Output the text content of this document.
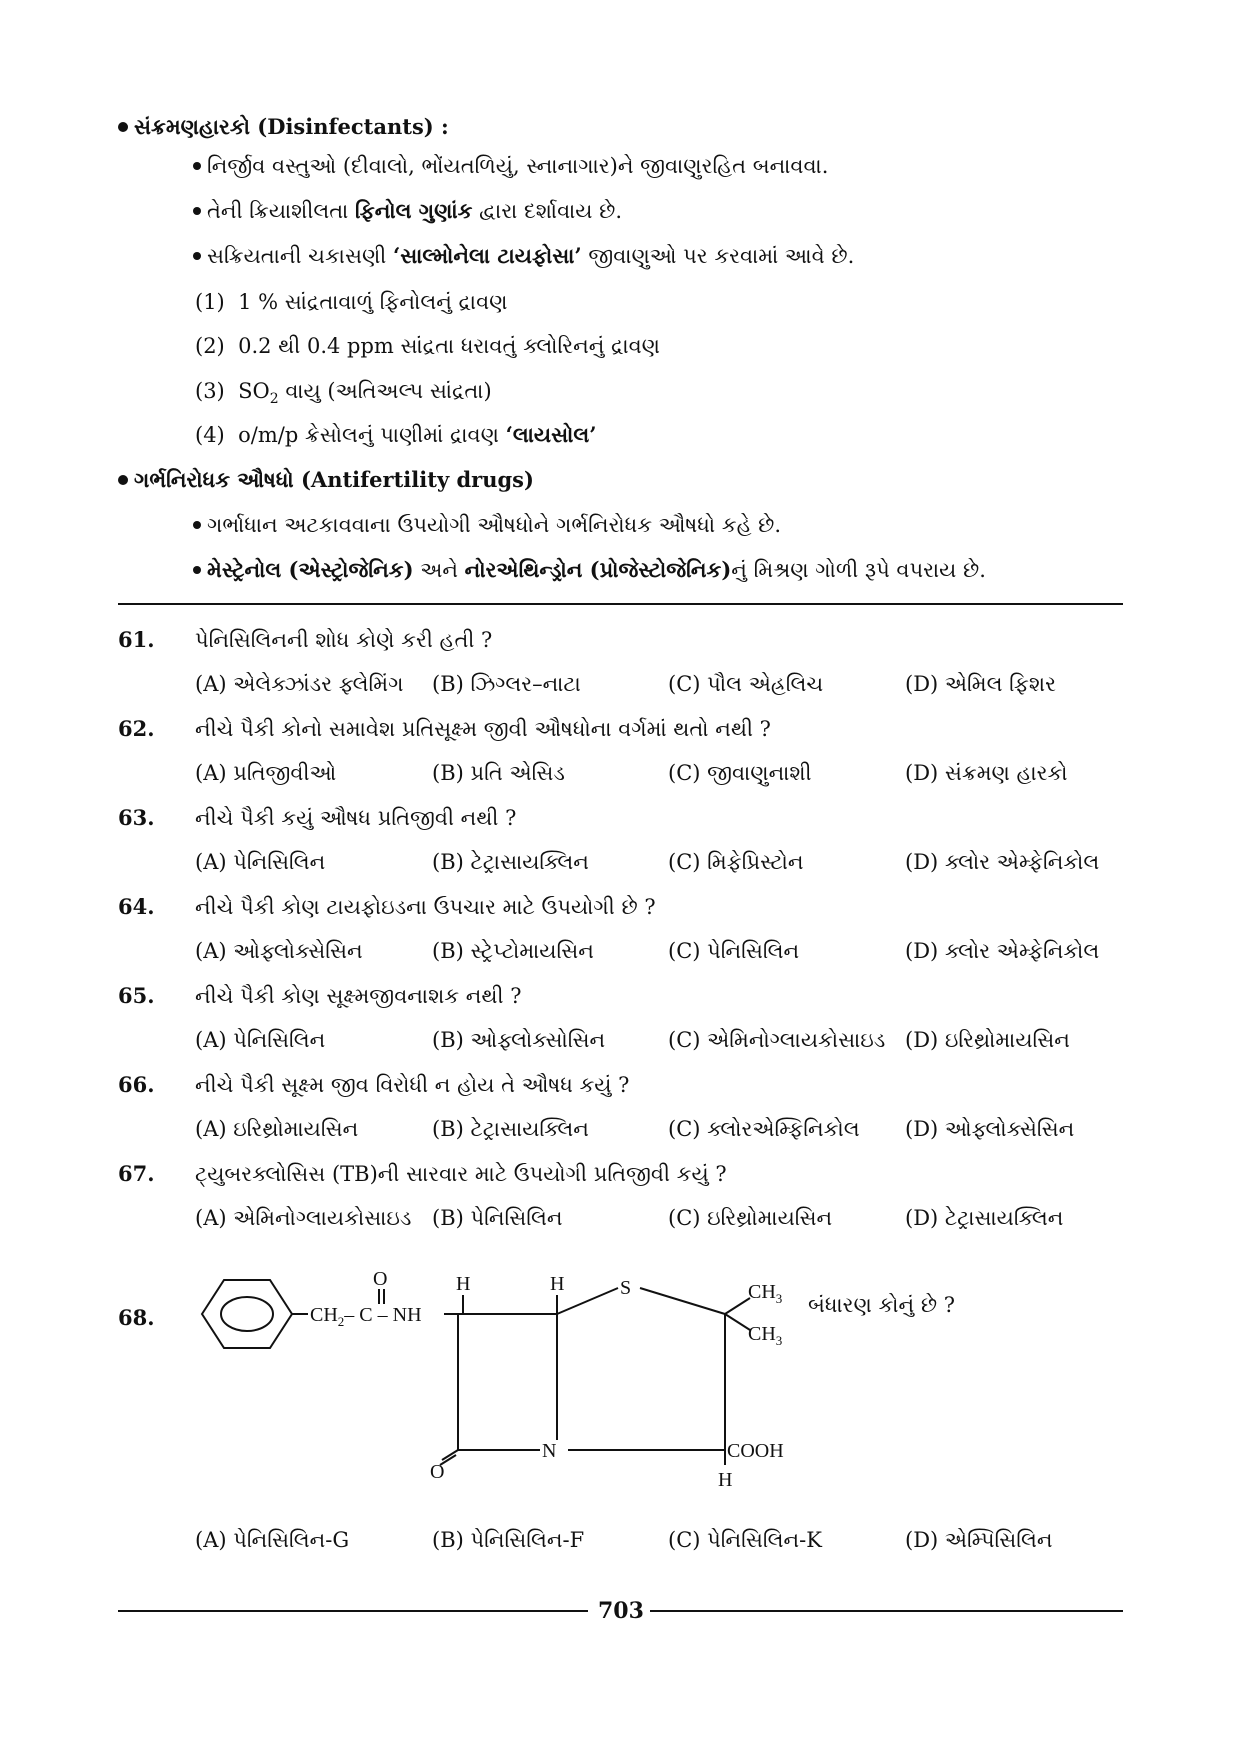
સંક્રમણહારકો (Disinfectants) :
નિર્જીવ વસ્તુઓ (દીવાલો, ભોંયતળિયું, સ્નાનાગાર)ને જીવાણુરહિત બનાવવા.
તેની ક્રિયાશીલતા ફિનોલ ગુણાંક દ્વારા દર્શાવાય છે.
સક્રિયતાની ચકાસણી ‘સાલ્મોનેલા ટાયફોસા’ જીવાણુઓ પર કરવામાં આવે છે.
(1) 1 % સાંદ્રતાવાળું ફિનોલનું દ્રાવણ
(2) 0.2 થી 0.4 ppm સાંદ્રતા ધરાવતું ક્લોરિનનું દ્રાવણ
(3) $SO_2$ વાયુ (અતિઅલ્પ સાંદ્રતા)
(4) o/m/p ક્રેસોલનું પાણીમાં દ્રાવણ ‘લાયસોલ’
ગર્ભનિરોધક ઔષધો (Antifertility drugs)
ગર્ભાધાન અટકાવવાના ઉપયોગી ઔષધોને ગર્ભનિરોધક ઔષધો કહે છે.
મેસ્ટ્રેનોલ (એસ્ટ્રોજેનિક) અને નોરએથિન્ડ્રોન (પ્રોજેસ્ટોજેનિક)નું મિશ્રણ ગોળી રૂપે વપરાય છે.
61. પેનિસિલિનની શોધ કોણે કરી હતી ?
(A) એલેક્ઝાંડર ફ્લેમિંગ (B) ઝિગ્લર–નાટા	(C) પૌલ એહ્રલિચ	(D) એમિલ ફિશર
62. નીચે પૈકી કોનો સમાવેશ પ્રતિસૂક્ષ્મ જીવી ઔષધોના વર્ગમાં થતો નથી ?
(A) પ્રતિજીવીઓ	(B) પ્રતિ એસિડ	(C) જીવાણુનાશી	(D) સંક્રમણ હારકો
63. નીચે પૈકી કયું ઔષધ પ્રતિજીવી નથી ?
(A) પેનિસિલિન	(B) ટેટ્રાસાયક્લિન	(C) મિફેપ્રિસ્ટોન	(D) ક્લોર એમ્ફેનિકોલ
64. નીચે પૈકી કોણ ટાયફોઇડના ઉપચાર માટે ઉપયોગી છે ?
(A) ઓફ્લોક્સેસિન	(B) સ્ટ્રેપ્ટોમાયસિન	(C) પેનિસિલિન	(D) ક્લોર એમ્ફેનિકોલ
65. નીચે પૈકી કોણ સૂક્ષ્મજીવનાશક નથી ?
(A) પેનિસિલિન	(B) ઓફ્લોક્સોસિન	(C) એમિનોગ્લાયકોસાઇડ (D) ઇરિથ્રોમાયસિન
66. નીચે પૈકી સૂક્ષ્મ જીવ વિરોધી ન હોય તે ઔષધ કયું ?
(A) ઇરિથ્રોમાયસિન	(B) ટેટ્રાસાયક્લિન	(C) ક્લોરએમ્ફિનિકોલ (D) ઓફ્લોક્સેસિન
67. ટ્યુબરક્લોસિસ (TB)ની સારવાર માટે ઉપયોગી પ્રતિજીવી કયું ?
(A) એમિનોગ્લાયકોસાઇડ (B) પેનિસિલિન	(C) ઇરિથ્રોમાયસિન	(D) ટેટ્રાસાયક્લિન
68.	$CH_2-$ C – NH
O	H	H	S	$CH_3$
$CH_3$
O
N	COOH
H
બંધારણ કોનું છે ?
(A) પેનિસિલિન-G	(B) પેનિસિલિન-F	(C) પેનિસિલિન-K	(D) એમ્પિસિલિન
703
